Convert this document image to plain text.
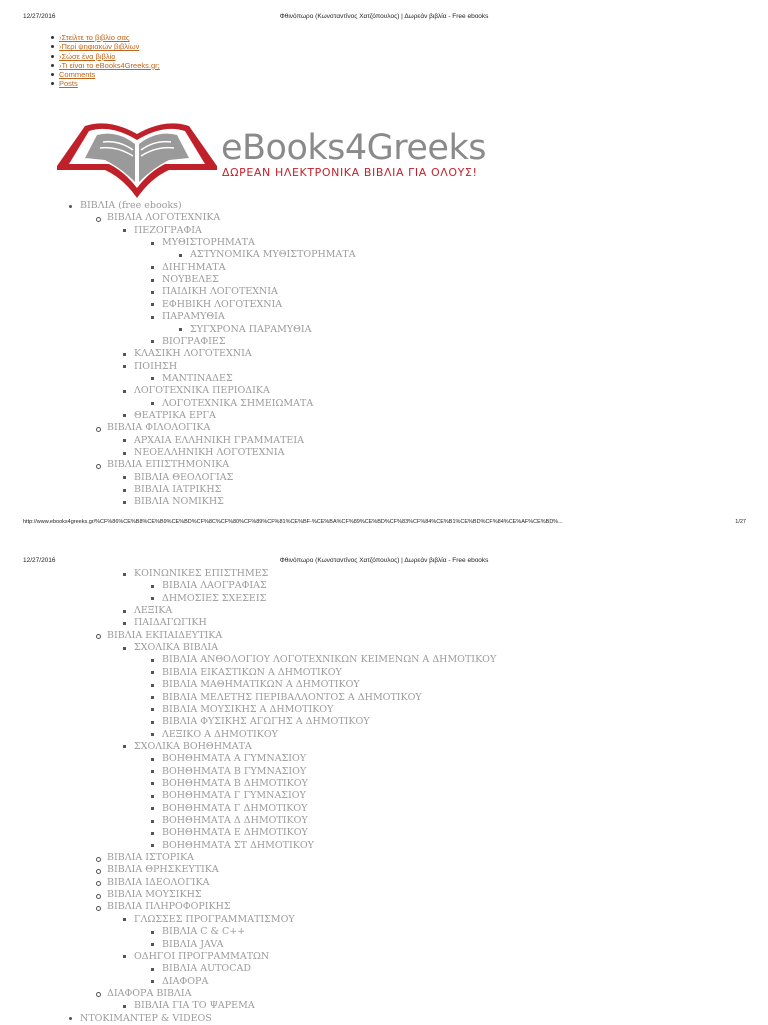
12/27/2016	Φθινόπωρο (Κωνσταντίνος Χατζόπουλος) | Δωρεάν βιβλία - Free ebooks
›Στείλτε το βιβλίο σας
›Περί ψηφιακών βιβλίων
›Σώσε ένα βιβλίο
›Τι είναι το eBooks4Greeks.gr;
Comments
Posts
eBooks4Greeks
ΔΩΡΕΑΝ ΗΛΕΚΤΡΟΝΙΚΑ ΒΙΒΛΙΑ ΓΙΑ ΟΛΟΥΣ!
ΒΙΒΛΙΑ (free ebooks)
ΒΙΒΛΙΑ ΛΟΓΟΤΕΧΝΙΚΑ
ΠΕΖΟΓΡΑΦΙΑ
ΜΥΘΙΣΤΟΡΗΜΑΤΑ
ΑΣΤΥΝΟΜΙΚΑ ΜΥΘΙΣΤΟΡΗΜΑΤΑ
ΔΙΗΓΗΜΑΤΑ
ΝΟΥΒΕΛΕΣ
ΠΑΙΔΙΚΗ ΛΟΓΟΤΕΧΝΙΑ
ΕΦΗΒΙΚΗ ΛΟΓΟΤΕΧΝΙΑ
ΠΑΡΑΜΥΘΙΑ
ΣΥΓΧΡΟΝΑ ΠΑΡΑΜΥΘΙΑ
ΒΙΟΓΡΑΦΙΕΣ
ΚΛΑΣΙΚΗ ΛΟΓΟΤΕΧΝΙΑ
ΠΟΙΗΣΗ
ΜΑΝΤΙΝΑΔΕΣ
ΛΟΓΟΤΕΧΝΙΚΑ ΠΕΡΙΟΔΙΚΑ
ΛΟΓΟΤΕΧΝΙΚΑ ΣΗΜΕΙΩΜΑΤΑ
ΘΕΑΤΡΙΚΑ ΕΡΓΑ
ΒΙΒΛΙΑ ΦΙΛΟΛΟΓΙΚΑ
ΑΡΧΑΙΑ ΕΛΛΗΝΙΚΗ ΓΡΑΜΜΑΤΕΙΑ
ΝΕΟΕΛΛΗΝΙΚΗ ΛΟΓΟΤΕΧΝΙΑ
ΒΙΒΛΙΑ ΕΠΙΣΤΗΜΟΝΙΚΑ
ΒΙΒΛΙΑ ΘΕΟΛΟΓΙΑΣ
ΒΙΒΛΙΑ ΙΑΤΡΙΚΗΣ
ΒΙΒΛΙΑ ΝΟΜΙΚΗΣ
http://www.ebooks4greeks.gr/%CF%86%CE%B8%CE%B9%CE%BD%CF%8C%CF%80%CF%89%CF%81%CE%BF-%CE%BA%CF%89%CE%BD%CF%83%CF%84%CE%B1%CE%BD%CF%84%CE%AF%CE%BD%...	1/27
12/27/2016	Φθινόπωρο (Κωνσταντίνος Χατζόπουλος) | Δωρεάν βιβλία - Free ebooks
ΚΟΙΝΩΝΙΚΕΣ ΕΠΙΣΤΗΜΕΣ
ΒΙΒΛΙΑ ΛΑΟΓΡΑΦΙΑΣ
ΔΗΜΟΣΙΕΣ ΣΧΕΣΕΙΣ
ΛΕΞΙΚΑ
ΠΑΙΔΑΓΩΓΙΚΗ
ΒΙΒΛΙΑ ΕΚΠΑΙΔΕΥΤΙΚΑ
ΣΧΟΛΙΚΑ ΒΙΒΛΙΑ
ΒΙΒΛΙΑ ΑΝΘΟΛΟΓΙΟΥ ΛΟΓΟΤΕΧΝΙΚΩΝ ΚΕΙΜΕΝΩΝ Α ΔΗΜΟΤΙΚΟΥ
ΒΙΒΛΙΑ ΕΙΚΑΣΤΙΚΩΝ Α ΔΗΜΟΤΙΚΟΥ
ΒΙΒΛΙΑ ΜΑΘΗΜΑΤΙΚΩΝ Α ΔΗΜΟΤΙΚΟΥ
ΒΙΒΛΙΑ ΜΕΛΕΤΗΣ ΠΕΡΙΒΑΛΛΟΝΤΟΣ Α ΔΗΜΟΤΙΚΟΥ
ΒΙΒΛΙΑ ΜΟΥΣΙΚΗΣ Α ΔΗΜΟΤΙΚΟΥ
ΒΙΒΛΙΑ ΦΥΣΙΚΗΣ ΑΓΩΓΗΣ Α ΔΗΜΟΤΙΚΟΥ
ΛΕΞΙΚΟ Α ΔΗΜΟΤΙΚΟΥ
ΣΧΟΛΙΚΑ ΒΟΗΘΗΜΑΤΑ
ΒΟΗΘΗΜΑΤΑ Α ΓΥΜΝΑΣΙΟΥ
ΒΟΗΘΗΜΑΤΑ Β ΓΥΜΝΑΣΙΟΥ
ΒΟΗΘΗΜΑΤΑ Β ΔΗΜΟΤΙΚΟΥ
ΒΟΗΘΗΜΑΤΑ Γ ΓΥΜΝΑΣΙΟΥ
ΒΟΗΘΗΜΑΤΑ Γ ΔΗΜΟΤΙΚΟΥ
ΒΟΗΘΗΜΑΤΑ Δ ΔΗΜΟΤΙΚΟΥ
ΒΟΗΘΗΜΑΤΑ Ε ΔΗΜΟΤΙΚΟΥ
ΒΟΗΘΗΜΑΤΑ ΣΤ ΔΗΜΟΤΙΚΟΥ
ΒΙΒΛΙΑ ΙΣΤΟΡΙΚΑ
ΒΙΒΛΙΑ ΘΡΗΣΚΕΥΤΙΚΑ
ΒΙΒΛΙΑ ΙΔΕΟΛΟΓΙΚΑ
ΒΙΒΛΙΑ ΜΟΥΣΙΚΗΣ
ΒΙΒΛΙΑ ΠΛΗΡΟΦΟΡΙΚΗΣ
ΓΛΩΣΣΕΣ ΠΡΟΓΡΑΜΜΑΤΙΣΜΟΥ
ΒΙΒΛΙΑ C & C++
ΒΙΒΛΙΑ JAVA
ΟΔΗΓΟΙ ΠΡΟΓΡΑΜΜΑΤΩΝ
ΒΙΒΛΙΑ AUTOCAD
ΔΙΑΦΟΡΑ
ΔΙΑΦΟΡΑ ΒΙΒΛΙΑ
ΒΙΒΛΙΑ ΓΙΑ ΤΟ ΨΑΡΕΜΑ
ΝΤΟΚΙΜΑΝΤΕΡ & VIDEOS
